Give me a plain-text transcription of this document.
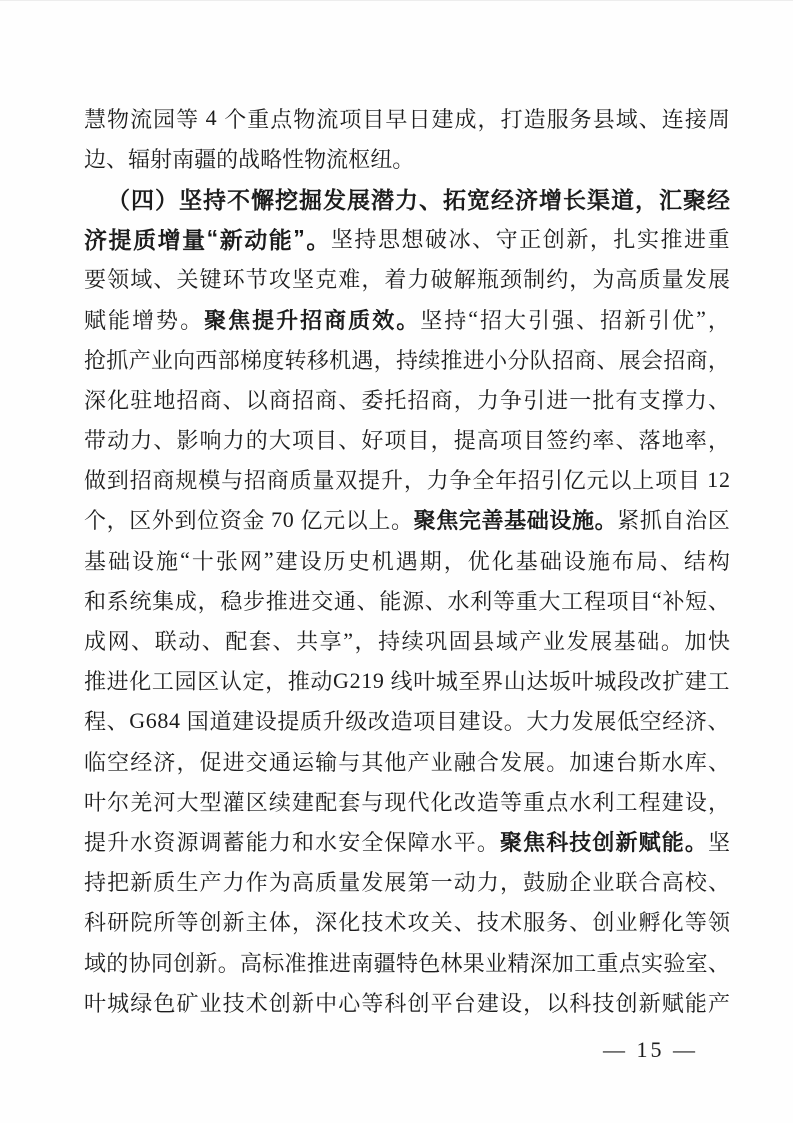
慧 物 流 园 等
4
个 重 点 物 流 项 目 早 日 建 成 ， 打 造 服 务 县 域 、 连 接 周
边 、 辐 射 南 疆 的 战 略 性 物 流 枢 纽 。
（ 四 ） 坚 持 不 懈 挖 掘 发 展 潜 力 、 拓 宽 经 济 增 长 渠 道 ， 汇 聚 经
济 提 质 增 量 “ 新 动 能 ” 。 坚 持 思 想 破 冰 、 守 正 创 新 ， 扎 实 推 进 重
要 领 域 、 关 键 环 节 攻 坚 克 难 ， 着 力 破 解 瓶 颈 制 约 ， 为 高 质 量 发 展
赋 能 增 势 。 聚 焦 提 升 招 商 质 效 。 坚 持 “ 招 大 引 强 、 招 新 引 优 ” ，
抢 抓 产 业 向 西 部 梯 度 转 移 机 遇 ， 持 续 推 进 小 分 队 招 商 、 展 会 招 商 ，
深 化 驻 地 招 商 、 以 商 招 商 、 委 托 招 商 ， 力 争 引 进 一 批 有 支 撑 力 、
带 动 力 、 影 响 力 的 大 项 目 、 好 项 目 ， 提 高 项 目 签 约 率 、 落 地 率 ，
做 到 招 商 规 模 与 招 商 质 量 双 提 升 ， 力 争 全 年 招 引 亿 元 以 上 项 目
1 2
个 ， 区 外 到 位 资 金
7 0
亿 元 以 上 。 聚 焦 完 善 基 础 设 施 。 紧 抓 自 治 区
基 础 设 施 “ 十 张 网 ” 建 设 历 史 机 遇 期 ， 优 化 基 础 设 施 布 局 、 结 构
和 系 统 集 成 ， 稳 步 推 进 交 通 、 能 源 、 水 利 等 重 大 工 程 项 目 “ 补 短 、
成 网 、 联 动 、 配 套 、 共 享 ” ， 持 续 巩 固 县 域 产 业 发 展 基 础 。 加 快
推 进 化 工 园 区 认 定 ， 推 动 G 2 1 9
线 叶 城 至 界 山 达 坂 叶 城 段 改 扩 建 工
程 、 G 6 8 4
国 道 建 设 提 质 升 级 改 造 项 目 建 设 。 大 力 发 展 低 空 经 济 、
临 空 经 济 ， 促 进 交 通 运 输 与 其 他 产 业 融 合 发 展 。 加 速 台 斯 水 库 、
叶 尔 羌 河 大 型 灌 区 续 建 配 套 与 现 代 化 改 造 等 重 点 水 利 工 程 建 设 ，
提 升 水 资 源 调 蓄 能 力 和 水 安 全 保 障 水 平 。 聚 焦 科 技 创 新 赋 能 。 坚
持 把 新 质 生 产 力 作 为 高 质 量 发 展 第 一 动 力 ， 鼓 励 企 业 联 合 高 校 、
科 研 院 所 等 创 新 主 体 ， 深 化 技 术 攻 关 、 技 术 服 务 、 创 业 孵 化 等 领
域 的 协 同 创 新 。 高 标 准 推 进 南 疆 特 色 林 果 业 精 深 加 工 重 点 实 验 室 、
叶 城 绿 色 矿 业 技 术 创 新 中 心 等 科 创 平 台 建 设 ， 以 科 技 创 新 赋 能 产
— 15 —
